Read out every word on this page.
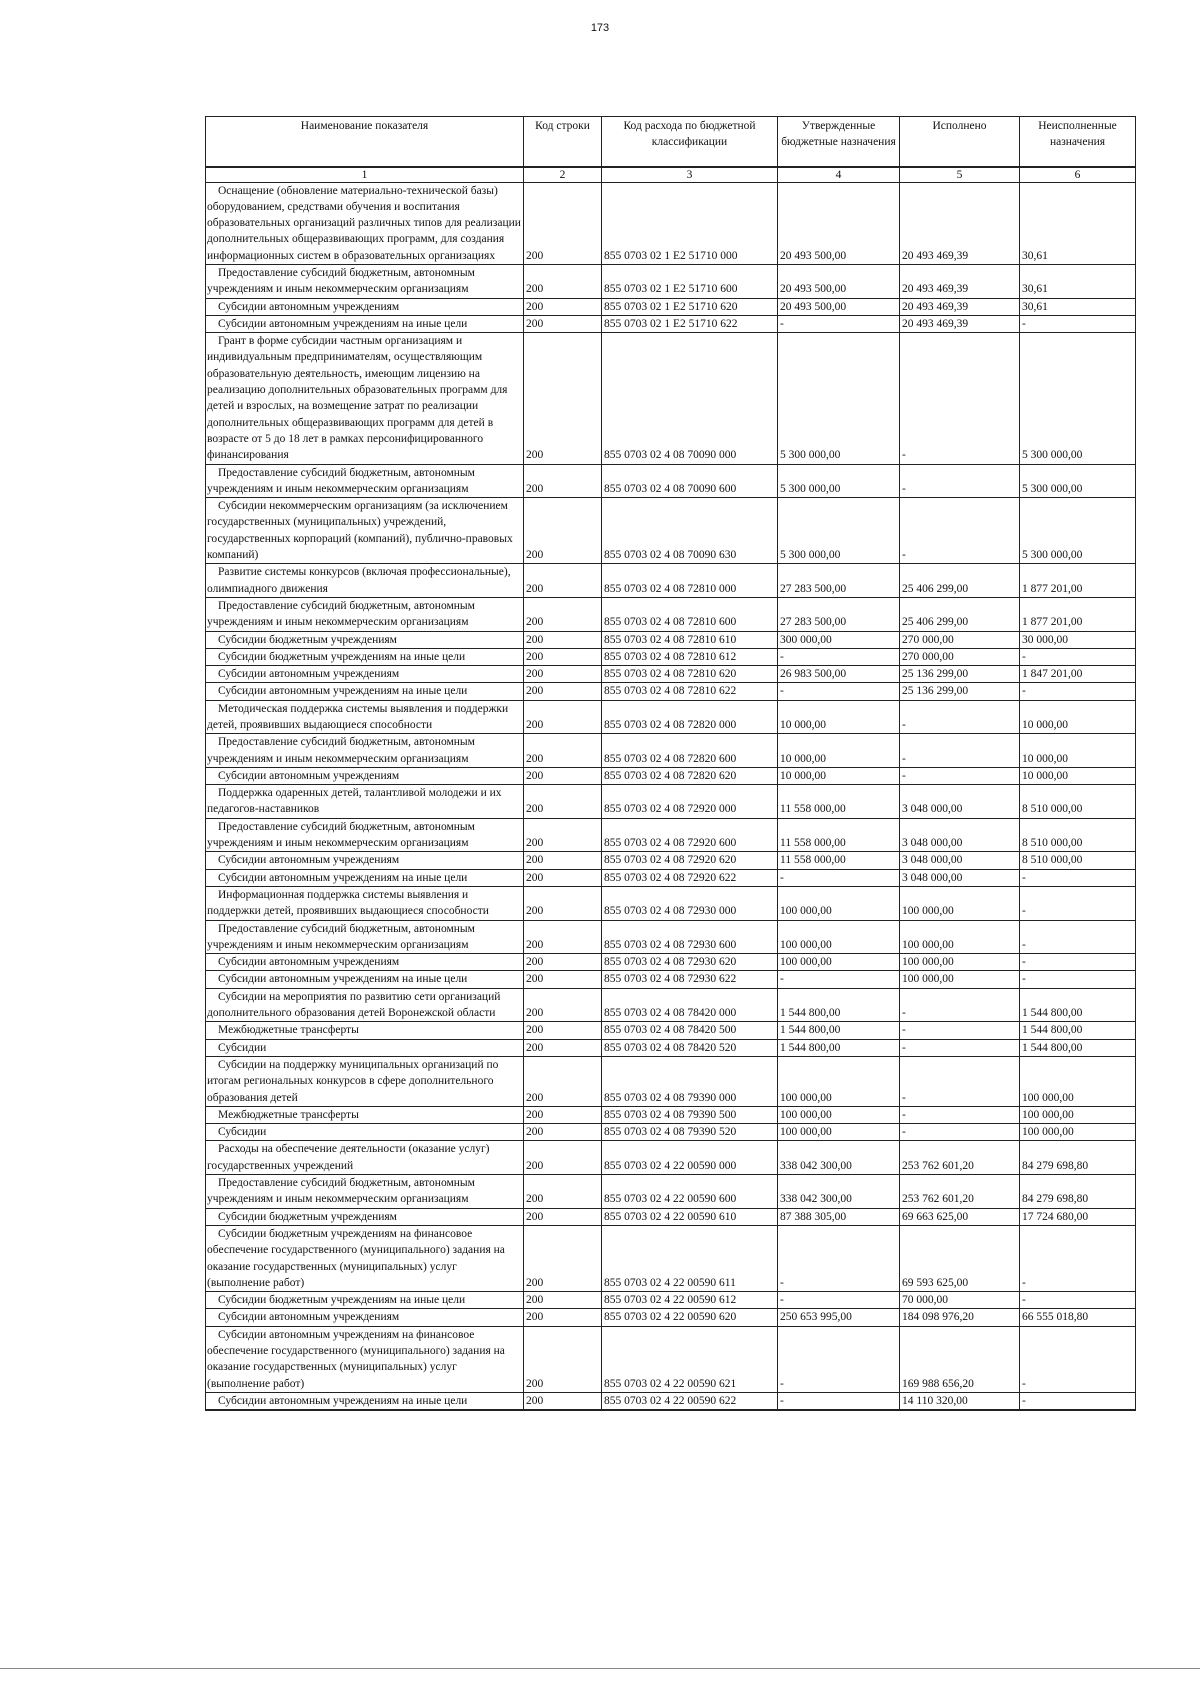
173
Наименование показателя	Код строки	Код расхода по бюджетной классификации	Утвержденные бюджетные назначения	Исполнено	Неисполненные назначения
1	2	3	4	5	6
Оснащение (обновление материально-технической базы) оборудованием, средствами обучения и воспитания образовательных организаций различных типов для реализации дополнительных общеразвивающих программ, для создания информационных систем в образовательных организациях	200	855 0703 02 1 E2 51710 000	20 493 500,00	20 493 469,39	30,61
Предоставление субсидий бюджетным, автономным учреждениям и иным некоммерческим организациям	200	855 0703 02 1 E2 51710 600	20 493 500,00	20 493 469,39	30,61
Субсидии автономным учреждениям	200	855 0703 02 1 E2 51710 620	20 493 500,00	20 493 469,39	30,61
Субсидии автономным учреждениям на иные цели	200	855 0703 02 1 E2 51710 622	-	20 493 469,39	-
Грант в форме субсидии частным организациям и индивидуальным предпринимателям, осуществляющим образовательную деятельность, имеющим лицензию на реализацию дополнительных образовательных программ для детей и взрослых, на возмещение затрат по реализации дополнительных общеразвивающих программ для детей в возрасте от 5 до 18 лет в рамках персонифицированного финансирования	200	855 0703 02 4 08 70090 000	5 300 000,00	-	5 300 000,00
Предоставление субсидий бюджетным, автономным учреждениям и иным некоммерческим организациям	200	855 0703 02 4 08 70090 600	5 300 000,00	-	5 300 000,00
Субсидии некоммерческим организациям (за исключением государственных (муниципальных) учреждений, государственных корпораций (компаний), публично-правовых компаний)	200	855 0703 02 4 08 70090 630	5 300 000,00	-	5 300 000,00
Развитие системы конкурсов (включая профессиональные), олимпиадного движения	200	855 0703 02 4 08 72810 000	27 283 500,00	25 406 299,00	1 877 201,00
Предоставление субсидий бюджетным, автономным учреждениям и иным некоммерческим организациям	200	855 0703 02 4 08 72810 600	27 283 500,00	25 406 299,00	1 877 201,00
Субсидии бюджетным учреждениям	200	855 0703 02 4 08 72810 610	300 000,00	270 000,00	30 000,00
Субсидии бюджетным учреждениям на иные цели	200	855 0703 02 4 08 72810 612	-	270 000,00	-
Субсидии автономным учреждениям	200	855 0703 02 4 08 72810 620	26 983 500,00	25 136 299,00	1 847 201,00
Субсидии автономным учреждениям на иные цели	200	855 0703 02 4 08 72810 622	-	25 136 299,00	-
Методическая поддержка системы выявления и поддержки детей, проявивших выдающиеся способности	200	855 0703 02 4 08 72820 000	10 000,00	-	10 000,00
Предоставление субсидий бюджетным, автономным учреждениям и иным некоммерческим организациям	200	855 0703 02 4 08 72820 600	10 000,00	-	10 000,00
Субсидии автономным учреждениям	200	855 0703 02 4 08 72820 620	10 000,00	-	10 000,00
Поддержка одаренных детей, талантливой молодежи и их педагогов-наставников	200	855 0703 02 4 08 72920 000	11 558 000,00	3 048 000,00	8 510 000,00
Предоставление субсидий бюджетным, автономным учреждениям и иным некоммерческим организациям	200	855 0703 02 4 08 72920 600	11 558 000,00	3 048 000,00	8 510 000,00
Субсидии автономным учреждениям	200	855 0703 02 4 08 72920 620	11 558 000,00	3 048 000,00	8 510 000,00
Субсидии автономным учреждениям на иные цели	200	855 0703 02 4 08 72920 622	-	3 048 000,00	-
Информационная поддержка системы выявления и поддержки детей, проявивших выдающиеся способности	200	855 0703 02 4 08 72930 000	100 000,00	100 000,00	-
Предоставление субсидий бюджетным, автономным учреждениям и иным некоммерческим организациям	200	855 0703 02 4 08 72930 600	100 000,00	100 000,00	-
Субсидии автономным учреждениям	200	855 0703 02 4 08 72930 620	100 000,00	100 000,00	-
Субсидии автономным учреждениям на иные цели	200	855 0703 02 4 08 72930 622	-	100 000,00	-
Субсидии на мероприятия по развитию сети организаций дополнительного образования детей Воронежской области	200	855 0703 02 4 08 78420 000	1 544 800,00	-	1 544 800,00
Межбюджетные трансферты	200	855 0703 02 4 08 78420 500	1 544 800,00	-	1 544 800,00
Субсидии	200	855 0703 02 4 08 78420 520	1 544 800,00	-	1 544 800,00
Субсидии на поддержку муниципальных организаций по итогам региональных конкурсов в сфере дополнительного образования детей	200	855 0703 02 4 08 79390 000	100 000,00	-	100 000,00
Межбюджетные трансферты	200	855 0703 02 4 08 79390 500	100 000,00	-	100 000,00
Субсидии	200	855 0703 02 4 08 79390 520	100 000,00	-	100 000,00
Расходы на обеспечение деятельности (оказание услуг) государственных учреждений	200	855 0703 02 4 22 00590 000	338 042 300,00	253 762 601,20	84 279 698,80
Предоставление субсидий бюджетным, автономным учреждениям и иным некоммерческим организациям	200	855 0703 02 4 22 00590 600	338 042 300,00	253 762 601,20	84 279 698,80
Субсидии бюджетным учреждениям	200	855 0703 02 4 22 00590 610	87 388 305,00	69 663 625,00	17 724 680,00
Субсидии бюджетным учреждениям на финансовое обеспечение государственного (муниципального) задания на оказание государственных (муниципальных) услуг (выполнение работ)	200	855 0703 02 4 22 00590 611	-	69 593 625,00	-
Субсидии бюджетным учреждениям на иные цели	200	855 0703 02 4 22 00590 612	-	70 000,00	-
Субсидии автономным учреждениям	200	855 0703 02 4 22 00590 620	250 653 995,00	184 098 976,20	66 555 018,80
Субсидии автономным учреждениям на финансовое обеспечение государственного (муниципального) задания на оказание государственных (муниципальных) услуг (выполнение работ)	200	855 0703 02 4 22 00590 621	-	169 988 656,20	-
Субсидии автономным учреждениям на иные цели	200	855 0703 02 4 22 00590 622	-	14 110 320,00	-
